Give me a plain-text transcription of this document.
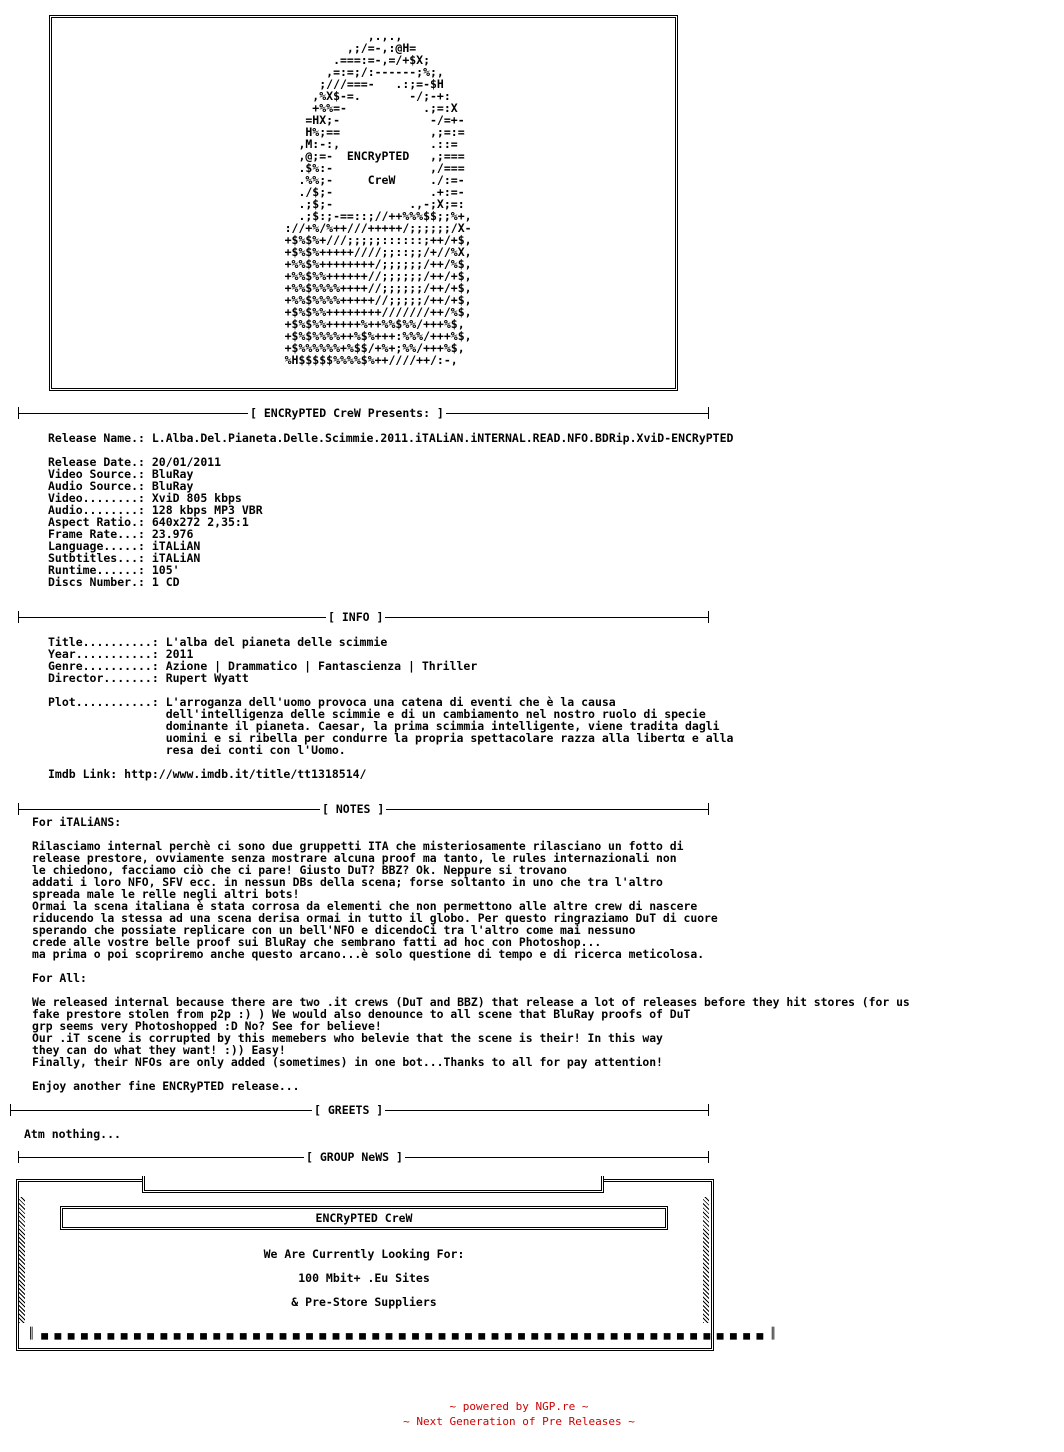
,.,.,
,;/=-,:@H=
.===:=-,=/+$X;
,=:=;/:------;%;,
;///===-   .:;=-$H
,%X$-=.       -/;-+:
+%%=-           .;=:X
=HX;-             -/=+-
H%;==             ,;=:=
,M:-:,             .::=
,@;=-  ENCRyPTED   ,;===
.$%:-              ,/===
.%%;-     CreW     ./:=-
./$;-              .+:=-
.;$;-           .,-;X;=:
.;$:;-==::;//++%%%$$;;%+,
://+%/%++///+++++/;;;;;;/X-
+$%$%+///;;;;;::::::;++/+$,
+$%$%+++++////;;::;;/+//%X,
+%%$%++++++++/;;;;;;/++/%$,
+%%$%%++++++//;;;;;;/++/+$,
+%%$%%%%++++//;;;;;;/++/+$,
+%%$%%%%+++++//;;;;;/++/+$,
+$%$%%++++++++///////++/%$,
+$%$%%+++++%++%%$%%/+++%$,
+$%$%%%%++%$%+++:%%%/+++%$,
+$%%%%%%+%$$/+%+;%%/+++%$,
%H$$$$$%%%%$%++////++/:-,
[ ENCRyPTED CreW Presents: ]
Release Name.: L.Alba.Del.Pianeta.Delle.Scimmie.2011.iTALiAN.iNTERNAL.READ.NFO.BDRip.XviD-ENCRyPTED
Release Date.: 20/01/2011
Video Source.: BluRay
Audio Source.: BluRay
Video........: XviD 805 kbps
Audio........: 128 kbps MP3 VBR
Aspect Ratio.: 640x272 2,35:1
Frame Rate...: 23.976
Language.....: iTALiAN
Sutbtitles...: iTALiAN
Runtime......: 105'
Discs Number.: 1 CD
[ INFO ]
Title..........: L'alba del pianeta delle scimmie
Year...........: 2011
Genre..........: Azione | Drammatico | Fantascienza | Thriller
Director.......: Rupert Wyatt

Plot...........: L'arroganza dell'uomo provoca una catena di eventi che è la causa
dell'intelligenza delle scimmie e di un cambiamento nel nostro ruolo di specie
dominante il pianeta. Caesar, la prima scimmia intelligente, viene tradita dagli
uomini e si ribella per condurre la propria spettacolare razza alla libertα e alla
resa dei conti con l'Uomo.

Imdb Link: http://www.imdb.it/title/tt1318514/
[ NOTES ]
For iTALiANS:

Rilasciamo internal perchè ci sono due gruppetti ITA che misteriosamente rilasciano un fotto di
release prestore, ovviamente senza mostrare alcuna proof ma tanto, le rules internazionali non
le chiedono, facciamo ciò che ci pare! Giusto DuT? BBZ? Ok. Neppure si trovano
addati i loro NFO, SFV ecc. in nessun DBs della scena; forse soltanto in uno che tra l'altro
spreada male le relle negli altri bots!
Ormai la scena italiana è stata corrosa da elementi che non permettono alle altre crew di nascere
riducendo la stessa ad una scena derisa ormai in tutto il globo. Per questo ringraziamo DuT di cuore
sperando che possiate replicare con un bell'NFO e dicendoCi tra l'altro come mai nessuno
crede alle vostre belle proof sui BluRay che sembrano fatti ad hoc con Photoshop...
ma prima o poi scopriremo anche questo arcano...è solo questione di tempo e di ricerca meticolosa.

For All:

We released internal because there are two .it crews (DuT and BBZ) that release a lot of releases before they hit stores (for us
fake prestore stolen from p2p :) ) We would also denounce to all scene that BluRay proofs of DuT
grp seems very Photoshopped :D No? See for believe!
Our .iT scene is corrupted by this memebers who belevie that the scene is their! In this way
they can do what they want! :)) Easy!
Finally, their NFOs are only added (sometimes) in one bot...Thanks to all for pay attention!

Enjoy another fine ENCRyPTED release...
[ GREETS ]
Atm nothing...
[ GROUP NeWS ]
ENCRyPTED CreW
We Are Currently Looking For:
100 Mbit+ .Eu Sites
& Pre-Store Suppliers
║ ▄ ▄ ▄ ▄ ▄ ▄ ▄ ▄ ▄ ▄ ▄ ▄ ▄ ▄ ▄ ▄ ▄ ▄ ▄ ▄ ▄ ▄ ▄ ▄ ▄ ▄ ▄ ▄ ▄ ▄ ▄ ▄ ▄ ▄ ▄ ▄ ▄ ▄ ▄ ▄ ▄ ▄ ▄ ▄ ▄ ▄ ▄ ▄ ▄ ▄ ▄ ▄ ▄ ▄ ▄ ║
~ powered by NGP.re ~
~ Next Generation of Pre Releases ~
